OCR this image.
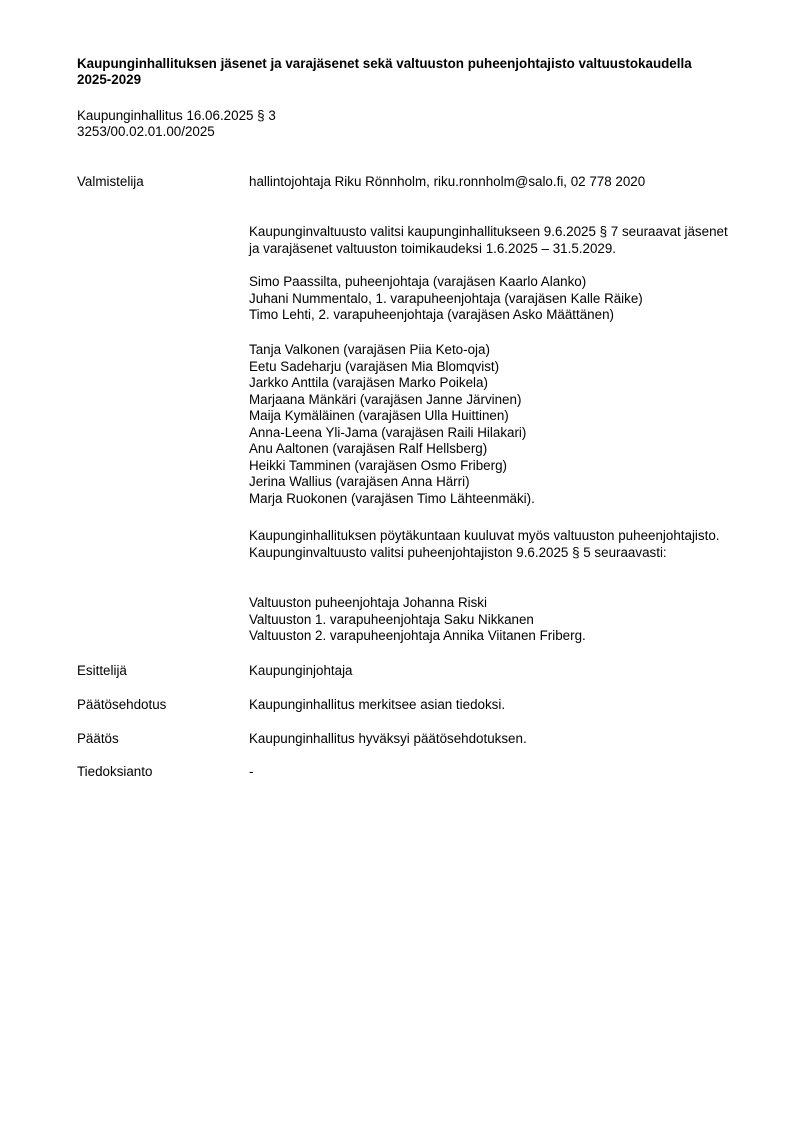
Kaupunginhallituksen jäsenet ja varajäsenet sekä valtuuston puheenjohtajisto valtuustokaudella 2025-2029
Kaupunginhallitus 16.06.2025 § 3
3253/00.02.01.00/2025
Valmistelija	hallintojohtaja Riku Rönnholm, riku.ronnholm@salo.fi, 02 778 2020
Kaupunginvaltuusto valitsi kaupunginhallitukseen 9.6.2025 § 7 seuraavat jäsenet ja varajäsenet valtuuston toimikaudeksi 1.6.2025 – 31.5.2029.
Simo Paassilta, puheenjohtaja (varajäsen Kaarlo Alanko)
Juhani Nummentalo, 1. varapuheenjohtaja (varajäsen Kalle Räike)
Timo Lehti, 2. varapuheenjohtaja (varajäsen Asko Määttänen)
Tanja Valkonen (varajäsen Piia Keto-oja)
Eetu Sadeharju (varajäsen Mia Blomqvist)
Jarkko Anttila (varajäsen Marko Poikela)
Marjaana Mänkäri (varajäsen Janne Järvinen)
Maija Kymäläinen (varajäsen Ulla Huittinen)
Anna-Leena Yli-Jama (varajäsen Raili Hilakari)
Anu Aaltonen (varajäsen Ralf Hellsberg)
Heikki Tamminen (varajäsen Osmo Friberg)
Jerina Wallius (varajäsen Anna Härri)
Marja Ruokonen (varajäsen Timo Lähteenmäki).
Kaupunginhallituksen pöytäkuntaan kuuluvat myös valtuuston puheenjohtajisto. Kaupunginvaltuusto valitsi puheenjohtajiston 9.6.2025 § 5 seuraavasti:
Valtuuston puheenjohtaja Johanna Riski
Valtuuston 1. varapuheenjohtaja Saku Nikkanen
Valtuuston 2. varapuheenjohtaja Annika Viitanen Friberg.
Esittelijä	Kaupunginjohtaja
Päätösehdotus	Kaupunginhallitus merkitsee asian tiedoksi.
Päätös	Kaupunginhallitus hyväksyi päätösehdotuksen.
Tiedoksianto	-
